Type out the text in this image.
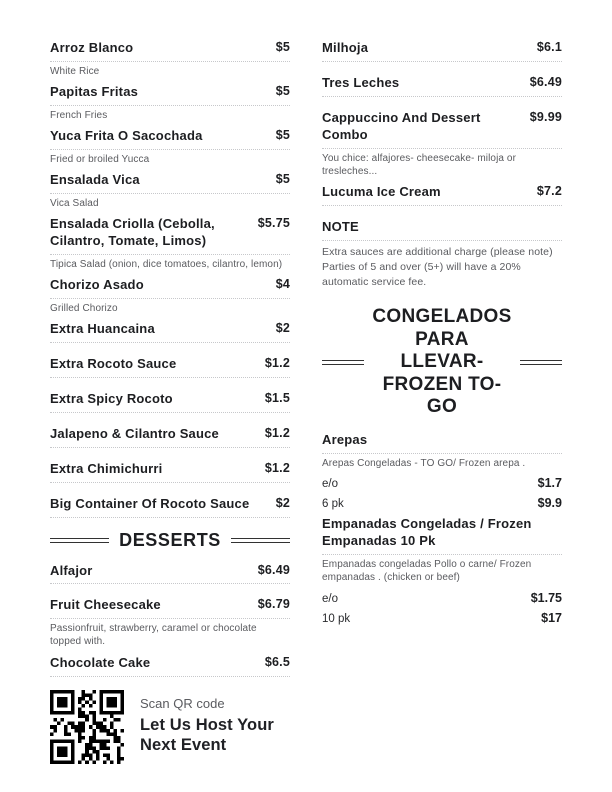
Arroz Blanco	$5

White Rice

Papitas Fritas	$5

French Fries

Yuca Frita O Sacochada	$5

Fried or broiled Yucca

Ensalada Vica	$5

Vica Salad

Ensalada Criolla (Cebolla, Cilantro, Tomate, Limos)
$5.75

Tipica Salad (onion, dice tomatoes, cilantro, lemon)

Chorizo Asado	$4

Grilled Chorizo

Extra Huancaina	$2
Extra Rocoto Sauce	$1.2
Extra Spicy Rocoto	$1.5
Jalapeno & Cilantro Sauce	$1.2
Extra Chimichurri	$1.2
Big Container Of Rocoto Sauce $2
DESSERTS
Alfajor	$6.49
Fruit Cheesecake	$6.79

Passionfruit, strawberry, caramel or chocolate topped with.

Chocolate Cake	$6.5

Scan QR code

Let Us Host Your Next Event

Milhoja	$6.1
Tres Leches	$6.49
Cappuccino And Dessert Combo
$9.99

You chice: alfajores- cheesecake- miloja or tresleches...

Lucuma Ice Cream	$7.2
NOTE

Extra sauces are additional charge (please note) Parties of 5 and over (5+) will have a 20% automatic service fee.

CONGELADOS
PARA LLEVAR-
FROZEN TO-GO
Arepas

Arepas Congeladas - TO GO/ Frozen arepa .

e/o	$1.7
6 pk	$9.9
Empanadas Congeladas / Frozen Empanadas 10 Pk

Empanadas congeladas Pollo o carne/ Frozen empanadas . (chicken or beef)

e/o	$1.75
10 pk	$17
